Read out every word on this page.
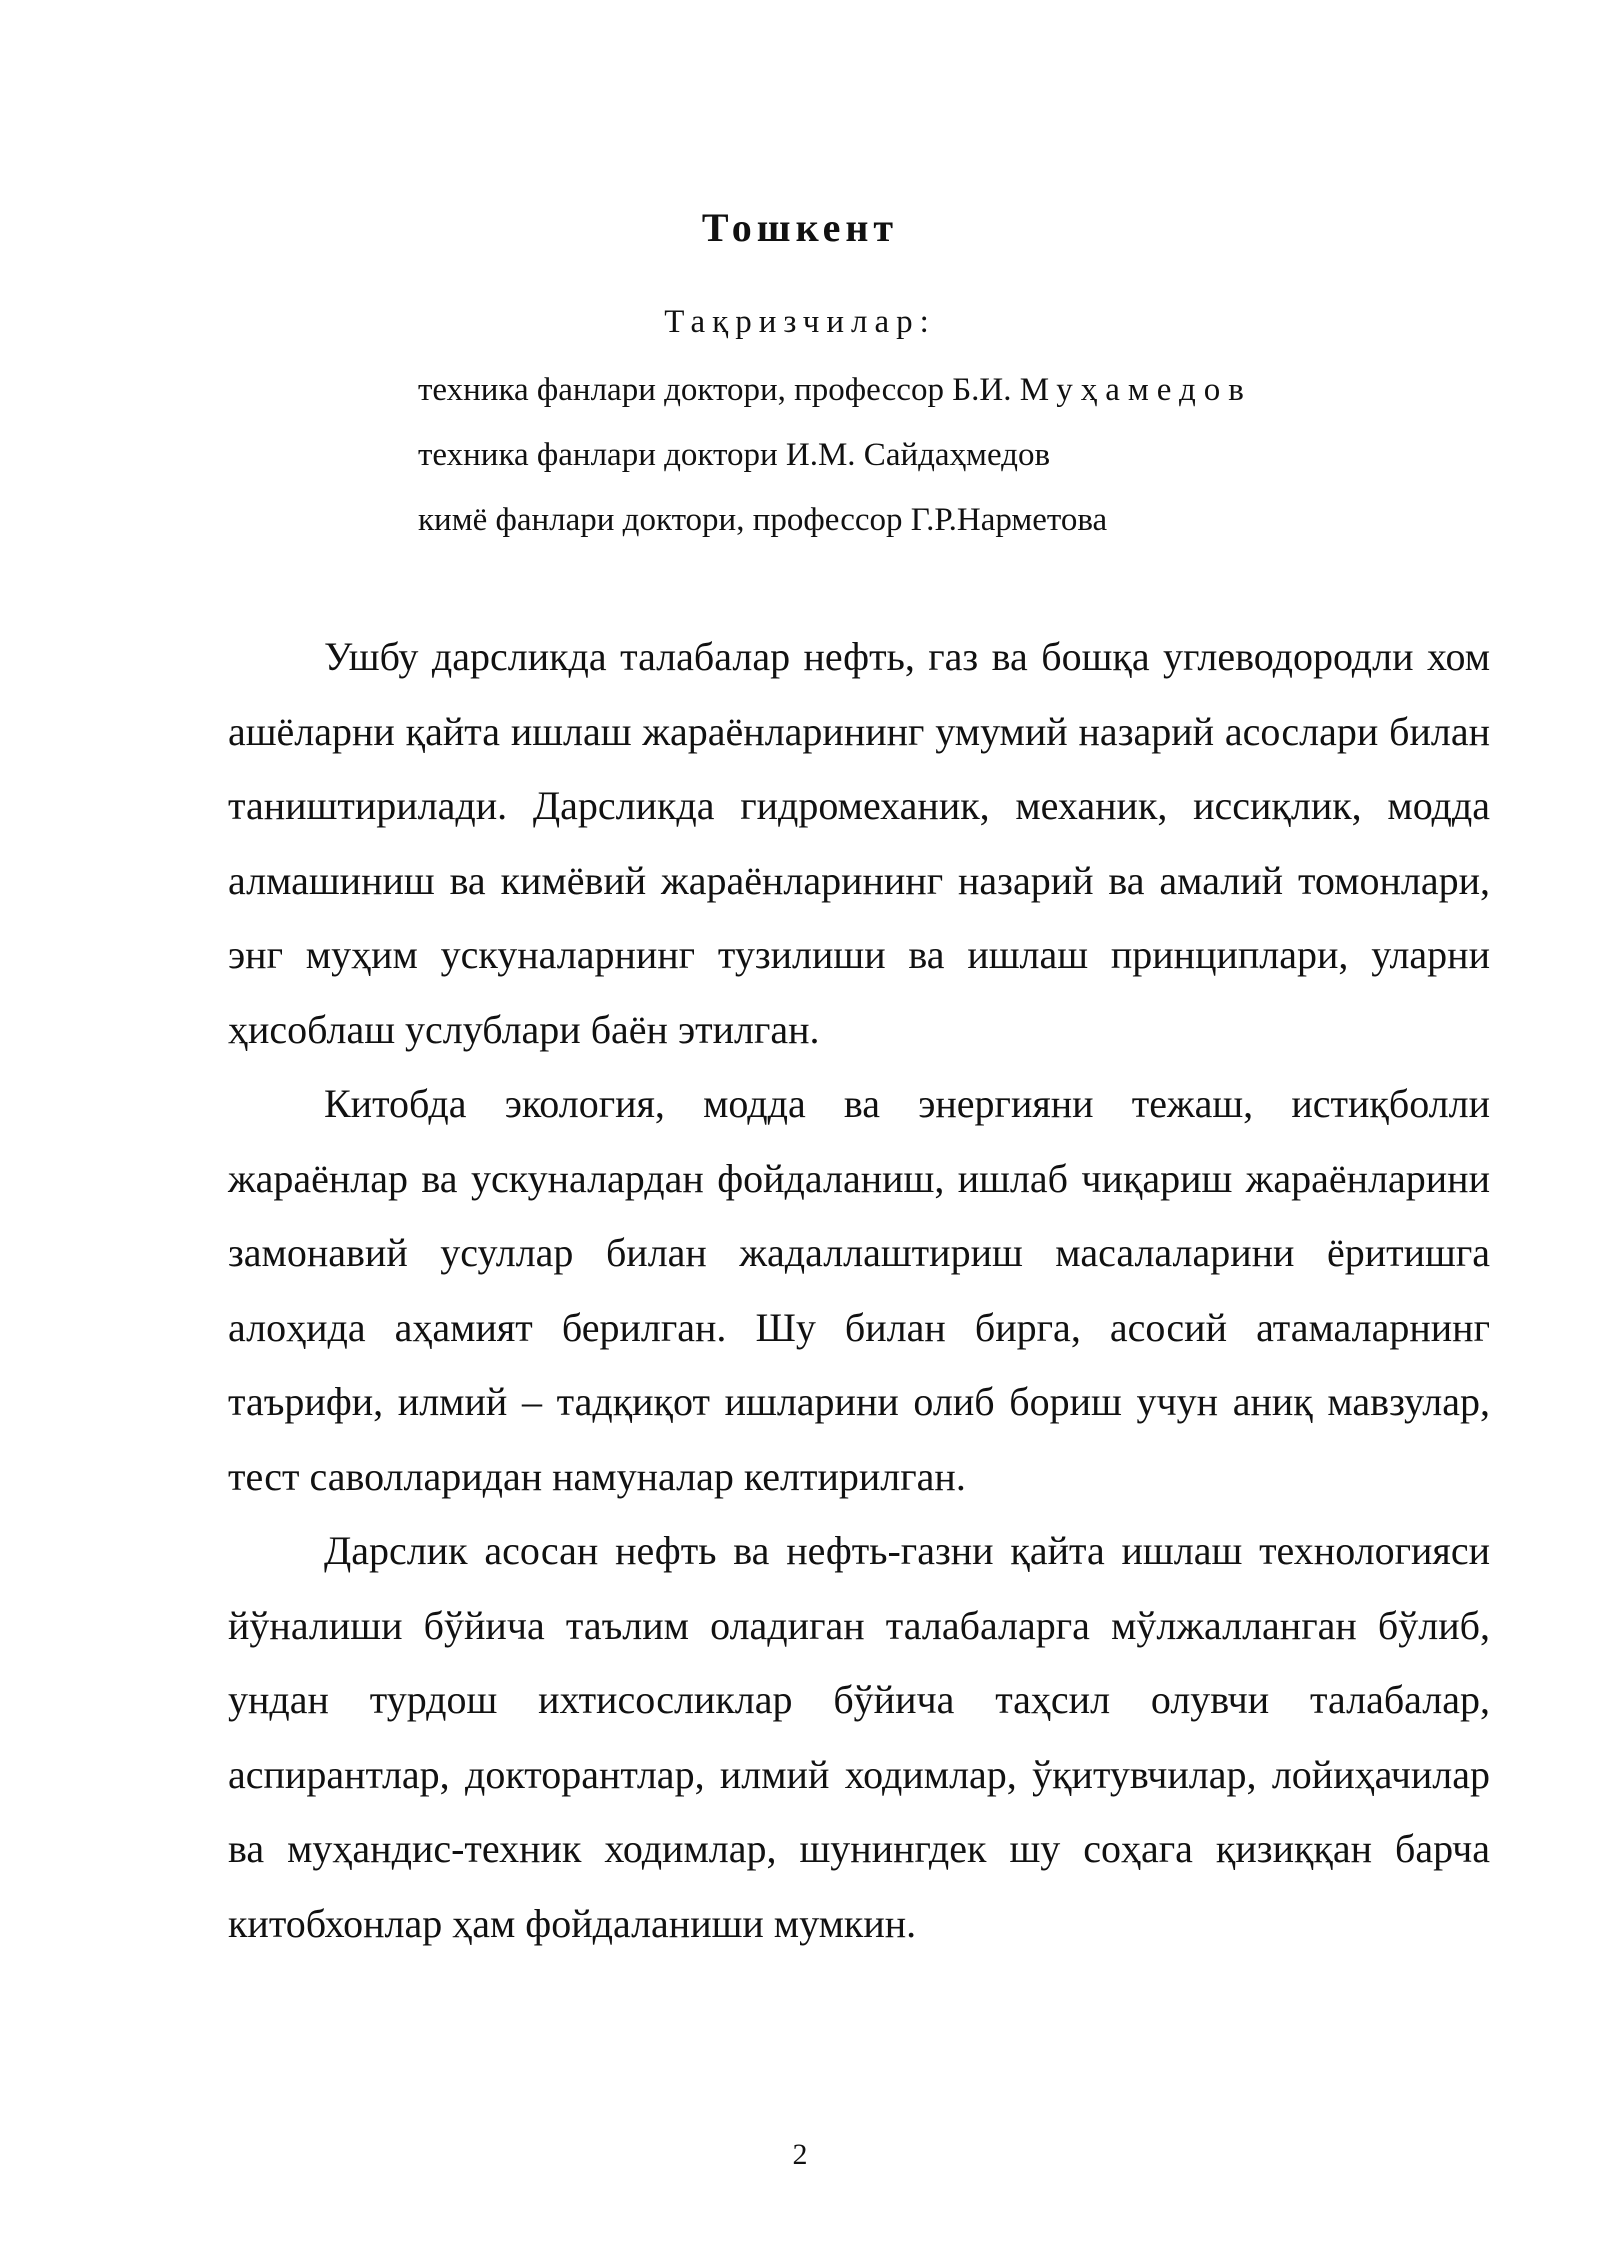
Тошкент
Тақризчилар:
техника фанлари доктори, профессор Б.И. Муҳамедов
техника фанлари доктори И.М. Сайдаҳмедов
кимё фанлари доктори, профессор Г.Р.Нарметова

Ушбу дарсликда талабалар нефть, газ ва бошқа углеводородли хом ашёларни қайта ишлаш жараёнларининг умумий назарий асослари билан таништирилади. Дарсликда гидромеханик, механик, иссиқлик, модда алмашиниш ва кимёвий жараёнларининг назарий ва амалий томонлари, энг муҳим ускуналарнинг тузилиши ва ишлаш принциплари, уларни ҳисоблаш услублари баён этилган.

Китобда экология, модда ва энергияни тежаш, истиқболли жараёнлар ва ускуналардан фойдаланиш, ишлаб чиқариш жараёнларини замонавий усуллар билан жадаллаштириш масалаларини ёритишга алоҳида аҳамият берилган. Шу билан бирга, асосий атамаларнинг таърифи, илмий – тадқиқот ишларини олиб бориш учун аниқ мавзулар, тест саволларидан намуналар келтирилган.

Дарслик асосан нефть ва нефть-газни қайта ишлаш технологияси йўналиши бўйича таълим оладиган талабаларга мўлжалланган бўлиб, ундан турдош ихтисосликлар бўйича таҳсил олувчи талабалар, аспирантлар, докторантлар, илмий ходимлар, ўқитувчилар, лойиҳачилар ва муҳандис-техник ходимлар, шунингдек шу соҳага қизиққан барча китобхонлар ҳам фойдаланиши мумкин.

2
